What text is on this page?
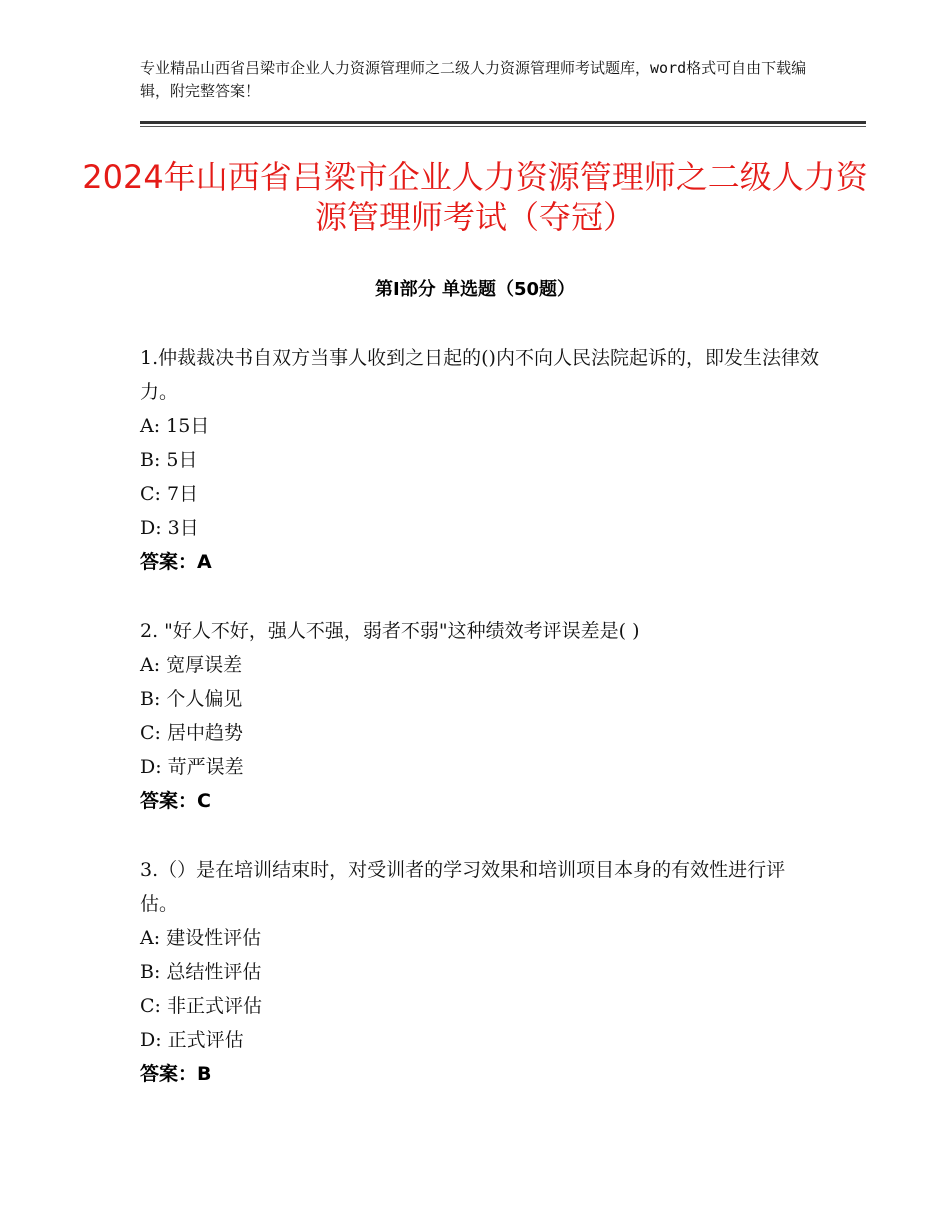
专业精品山西省吕梁市企业人力资源管理师之二级人力资源管理师考试题库，word格式可自由下载编辑，附完整答案！
2024年山西省吕梁市企业人力资源管理师之二级人力资源管理师考试（夺冠）
第Ⅰ部分 单选题（50题）
1.仲裁裁决书自双方当事人收到之日起的()内不向人民法院起诉的，即发生法律效力。
A: 15日
B: 5日
C: 7日
D: 3日
答案：A
2. "好人不好，强人不强，弱者不弱"这种绩效考评误差是( )
A: 宽厚误差
B: 个人偏见
C: 居中趋势
D: 苛严误差
答案：C
3.（）是在培训结束时，对受训者的学习效果和培训项目本身的有效性进行评估。
A: 建设性评估
B: 总结性评估
C: 非正式评估
D: 正式评估
答案：B
